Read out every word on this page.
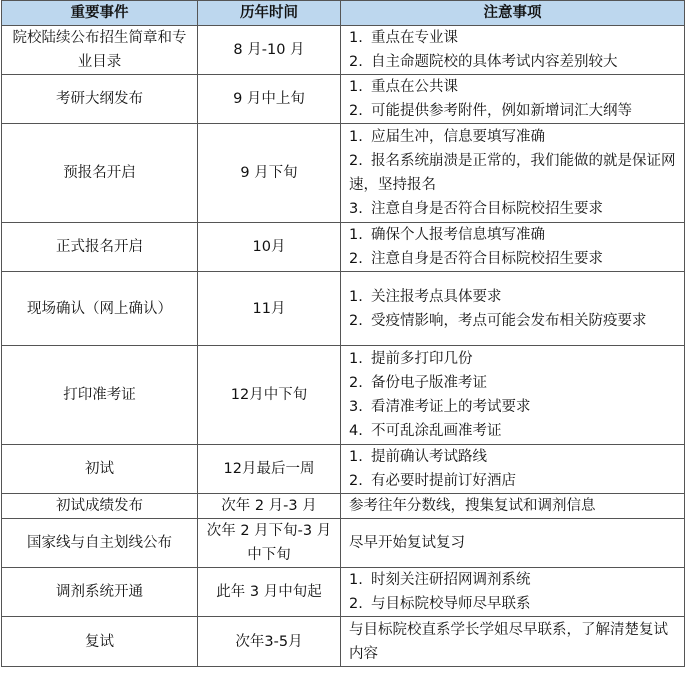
重要事件	历年时间	注意事项
院校陆续公布招生简章和专业目录	8 月-10 月	1. 重点在专业课
2. 自主命题院校的具体考试内容差别较大

考研大纲发布	9 月中上旬	1. 重点在公共课
2. 可能提供参考附件，例如新增词汇大纲等

预报名开启	9 月下旬	1. 应届生冲，信息要填写准确
2. 报名系统崩溃是正常的，我们能做的就是保证网速，坚持报名
3. 注意自身是否符合目标院校招生要求

正式报名开启	10月	1. 确保个人报考信息填写准确
2. 注意自身是否符合目标院校招生要求

现场确认（网上确认）	11月	1. 关注报考点具体要求
2. 受疫情影响，考点可能会发布相关防疫要求

打印准考证	12月中下旬	1. 提前多打印几份
2. 备份电子版准考证
3. 看清准考证上的考试要求
4. 不可乱涂乱画准考证

初试	12月最后一周	1. 提前确认考试路线
2. 有必要时提前订好酒店

初试成绩发布	次年 2 月-3 月	参考往年分数线，搜集复试和调剂信息

国家线与自主划线公布	次年 2 月下旬-3 月中下旬	尽早开始复试复习

调剂系统开通	此年 3 月中旬起	1. 时刻关注研招网调剂系统
2. 与目标院校导师尽早联系

复试	次年3-5月	与目标院校直系学长学姐尽早联系，了解清楚复试内容
